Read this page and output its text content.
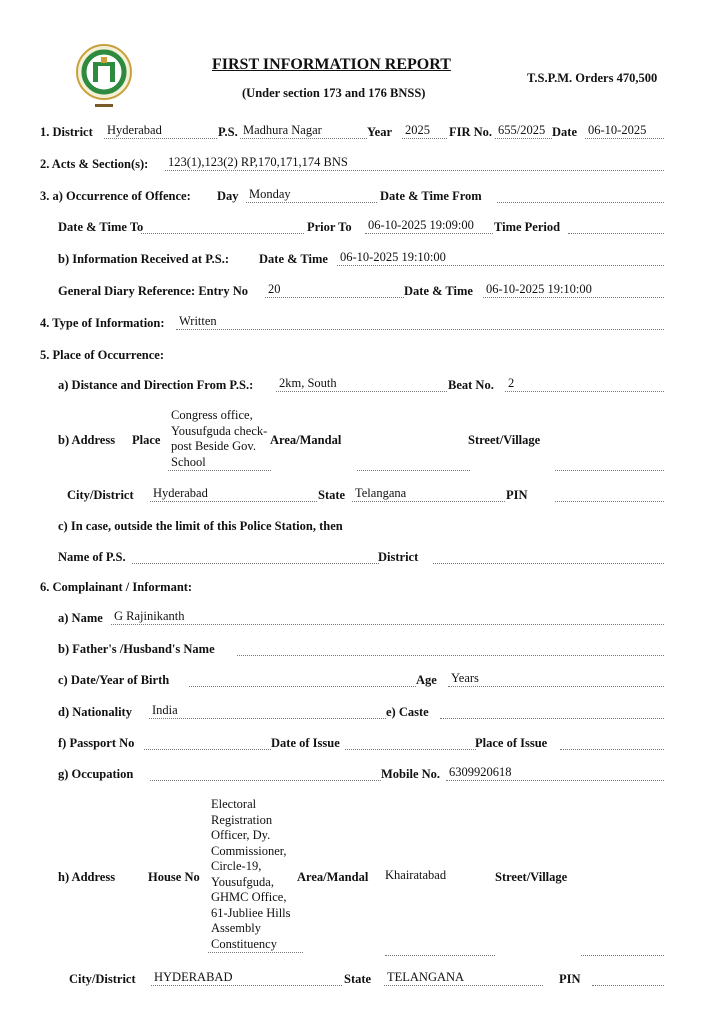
FIRST INFORMATION REPORT
(Under section 173 and 176 BNSS)
T.S.P.M. Orders 470,500
1. District Hyderabad	P.S. Madhura Nagar	Year 2025	FIR No. 655/2025 Date 06-10-2025
2. Acts & Section(s): 123(1),123(2) RP,170,171,174 BNS
3. a) Occurrence of Offence: Day Monday	Date & Time From
Date & Time To	Prior To 06-10-2025 19:09:00	Time Period
b) Information Received at P.S.: Date & Time 06-10-2025 19:10:00
General Diary Reference: Entry No 20	Date & Time 06-10-2025 19:10:00
4. Type of Information: Written
5. Place of Occurrence:
a) Distance and Direction From P.S.: 2km, South	Beat No. 2
b) Address Place
Congress office, Yousufguda check-post Beside Gov. School
Area/Mandal	Street/Village
City/District Hyderabad	State Telangana	PIN
c) In case, outside the limit of this Police Station, then
Name of P.S.	District
6. Complainant / Informant:
a) Name G Rajinikanth
b) Father's /Husband's Name
c) Date/Year of Birth	Age Years
d) Nationality India	e) Caste
f) Passport No	Date of Issue	Place of Issue
g) Occupation	Mobile No. 6309920618
h) Address	House No
Electoral Registration Officer, Dy. Commissioner, Circle-19, Yousufguda, GHMC Office, 61-Jubliee Hills Assembly Constituency
Area/Mandal Khairatabad	Street/Village
City/District HYDERABAD	State TELANGANA	PIN
